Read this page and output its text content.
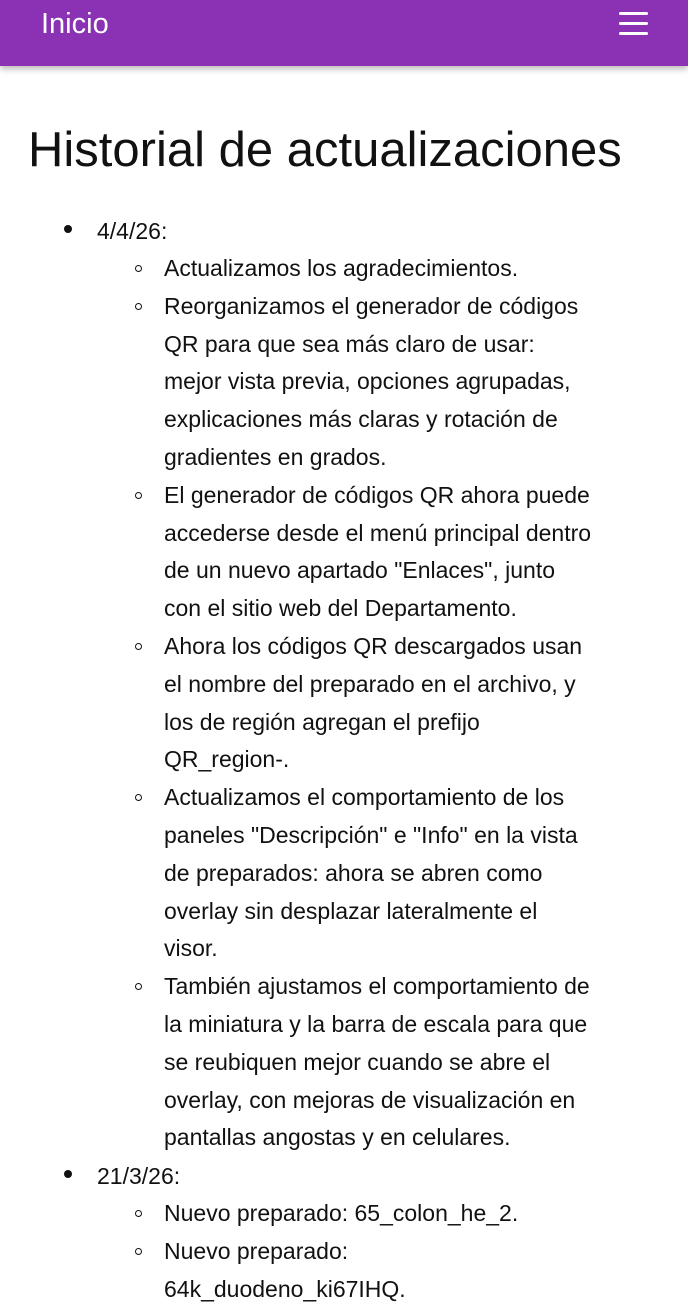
Inicio
Historial de actualizaciones
4/4/26:
Actualizamos los agradecimientos.
Reorganizamos el generador de códigos QR para que sea más claro de usar: mejor vista previa, opciones agrupadas, explicaciones más claras y rotación de gradientes en grados.
El generador de códigos QR ahora puede accederse desde el menú principal dentro de un nuevo apartado "Enlaces", junto con el sitio web del Departamento.
Ahora los códigos QR descargados usan el nombre del preparado en el archivo, y los de región agregan el prefijo QR_region-.
Actualizamos el comportamiento de los paneles "Descripción" e "Info" en la vista de preparados: ahora se abren como overlay sin desplazar lateralmente el visor.
También ajustamos el comportamiento de la miniatura y la barra de escala para que se reubiquen mejor cuando se abre el overlay, con mejoras de visualización en pantallas angostas y en celulares.
21/3/26:
Nuevo preparado: 65_colon_he_2.
Nuevo preparado: 64k_duodeno_ki67IHQ.
